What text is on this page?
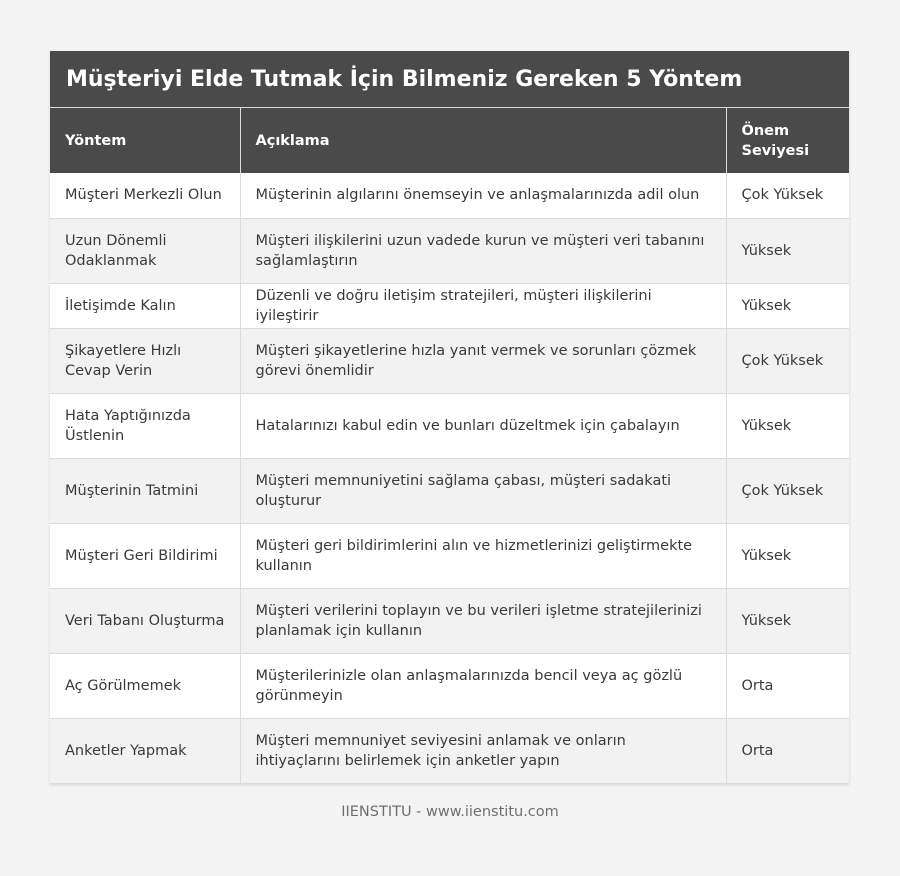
Müşteriyi Elde Tutmak İçin Bilmeniz Gereken 5 Yöntem
Yöntem	Açıklama	Önem Seviyesi
Müşteri Merkezli Olun	Müşterinin algılarını önemseyin ve anlaşmalarınızda adil olun	Çok Yüksek
Uzun Dönemli Odaklanmak	Müşteri ilişkilerini uzun vadede kurun ve müşteri veri tabanını sağlamlaştırın	Yüksek
İletişimde Kalın	Düzenli ve doğru iletişim stratejileri, müşteri ilişkilerini iyileştirir	Yüksek
Şikayetlere Hızlı Cevap Verin	Müşteri şikayetlerine hızla yanıt vermek ve sorunları çözmek görevi önemlidir	Çok Yüksek
Hata Yaptığınızda Üstlenin	Hatalarınızı kabul edin ve bunları düzeltmek için çabalayın	Yüksek
Müşterinin Tatmini	Müşteri memnuniyetini sağlama çabası, müşteri sadakati oluşturur	Çok Yüksek
Müşteri Geri Bildirimi	Müşteri geri bildirimlerini alın ve hizmetlerinizi geliştirmekte kullanın	Yüksek
Veri Tabanı Oluşturma	Müşteri verilerini toplayın ve bu verileri işletme stratejilerinizi planlamak için kullanın	Yüksek
Aç Görülmemek	Müşterilerinizle olan anlaşmalarınızda bencil veya aç gözlü görünmeyin	Orta
Anketler Yapmak	Müşteri memnuniyet seviyesini anlamak ve onların ihtiyaçlarını belirlemek için anketler yapın	Orta
IIENSTITU - www.iienstitu.com
